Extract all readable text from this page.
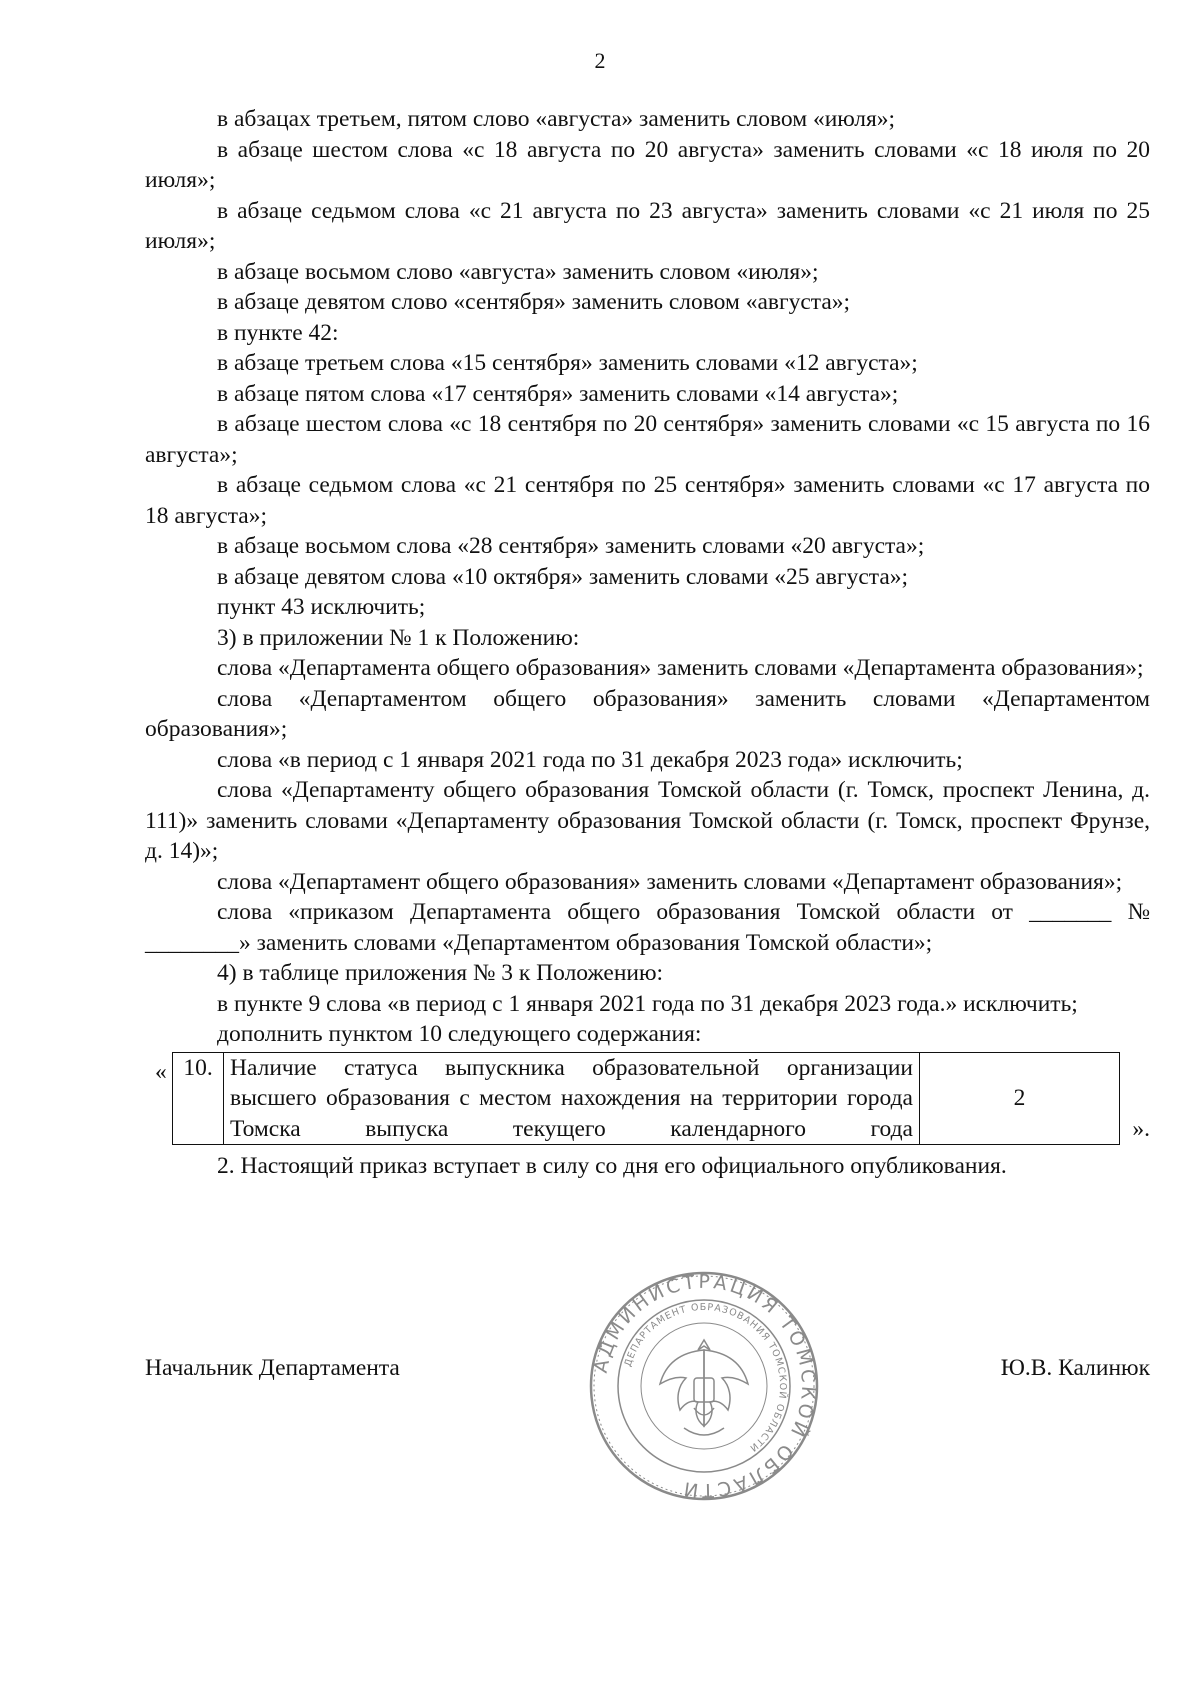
2

в абзацах третьем, пятом слово «августа» заменить словом «июля»;

в абзаце шестом слова «с 18 августа по 20 августа» заменить словами «с 18 июля по 20 июля»;

в абзаце седьмом слова «с 21 августа по 23 августа» заменить словами «с 21 июля по 25 июля»;

в абзаце восьмом слово «августа» заменить словом «июля»;

в абзаце девятом слово «сентября» заменить словом «августа»;

в пункте 42:

в абзаце третьем слова «15 сентября» заменить словами «12 августа»;

в абзаце пятом слова «17 сентября» заменить словами «14 августа»;

в абзаце шестом слова «с 18 сентября по 20 сентября» заменить словами «с 15 августа по 16 августа»;

в абзаце седьмом слова «с 21 сентября по 25 сентября» заменить словами «с 17 августа по 18 августа»;

в абзаце восьмом слова «28 сентября» заменить словами «20 августа»;

в абзаце девятом слова «10 октября» заменить словами «25 августа»;

пункт 43 исключить;

3) в приложении № 1 к Положению:

слова «Департамента общего образования» заменить словами «Департамента образования»;

слова «Департаментом общего образования» заменить словами «Департаментом образования»;

слова «в период с 1 января 2021 года по 31 декабря 2023 года» исключить;

слова «Департаменту общего образования Томской области (г. Томск, проспект Ленина, д. 111)» заменить словами «Департаменту образования Томской области (г. Томск, проспект Фрунзе, д. 14)»;

слова «Департамент общего образования» заменить словами «Департамент образования»;

слова «приказом Департамента общего образования Томской области от _______ № ________» заменить словами «Департаментом образования Томской области»;

4) в таблице приложения № 3 к Положению:

в пункте 9 слова «в период с 1 января 2021 года по 31 декабря 2023 года.» исключить;

дополнить пунктом 10 следующего содержания:

« 10.	Наличие статуса выпускника образовательной организации высшего образования с местом нахождения на территории города Томска выпуска текущего календарного года	2
».

2. Настоящий приказ вступает в силу со дня его официального опубликования.

Начальник Департамента	Ю.В. Калинюк
АДМИНИСТРАЦИЯ ТОМСКОЙ ОБЛАСТИ
ДЕПАРТАМЕНТ ОБРАЗОВАНИЯ ТОМСКОЙ ОБЛАСТИ
